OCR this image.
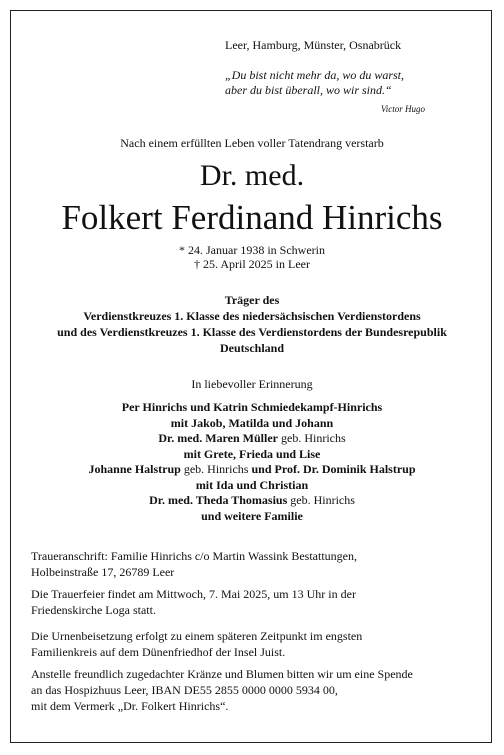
Leer, Hamburg, Münster, Osnabrück
„Du bist nicht mehr da, wo du warst,
aber du bist überall, wo wir sind.“
Victor Hugo
Nach einem erfüllten Leben voller Tatendrang verstarb
Dr. med.
Folkert Ferdinand Hinrichs
* 24. Januar 1938 in Schwerin
† 25. April 2025 in Leer
Träger des
Verdienstkreuzes 1. Klasse des niedersächsischen Verdienstordens
und des Verdienstkreuzes 1. Klasse des Verdienstordens der Bundesrepublik
Deutschland
In liebevoller Erinnerung
Per Hinrichs und Katrin Schmiedekampf-Hinrichs
mit Jakob, Matilda und Johann
Dr. med. Maren Müller geb. Hinrichs
mit Grete, Frieda und Lise
Johanne Halstrup geb. Hinrichs und Prof. Dr. Dominik Halstrup
mit Ida und Christian
Dr. med. Theda Thomasius geb. Hinrichs
und weitere Familie
Traueranschrift: Familie Hinrichs c/o Martin Wassink Bestattungen,
Holbeinstraße 17, 26789 Leer
Die Trauerfeier findet am Mittwoch, 7. Mai 2025, um 13 Uhr in der
Friedenskirche Loga statt.
Die Urnenbeisetzung erfolgt zu einem späteren Zeitpunkt im engsten
Familienkreis auf dem Dünenfriedhof der Insel Juist.
Anstelle freundlich zugedachter Kränze und Blumen bitten wir um eine Spende
an das Hospizhuus Leer, IBAN DE55 2855 0000 0000 5934 00,
mit dem Vermerk „Dr. Folkert Hinrichs“.
